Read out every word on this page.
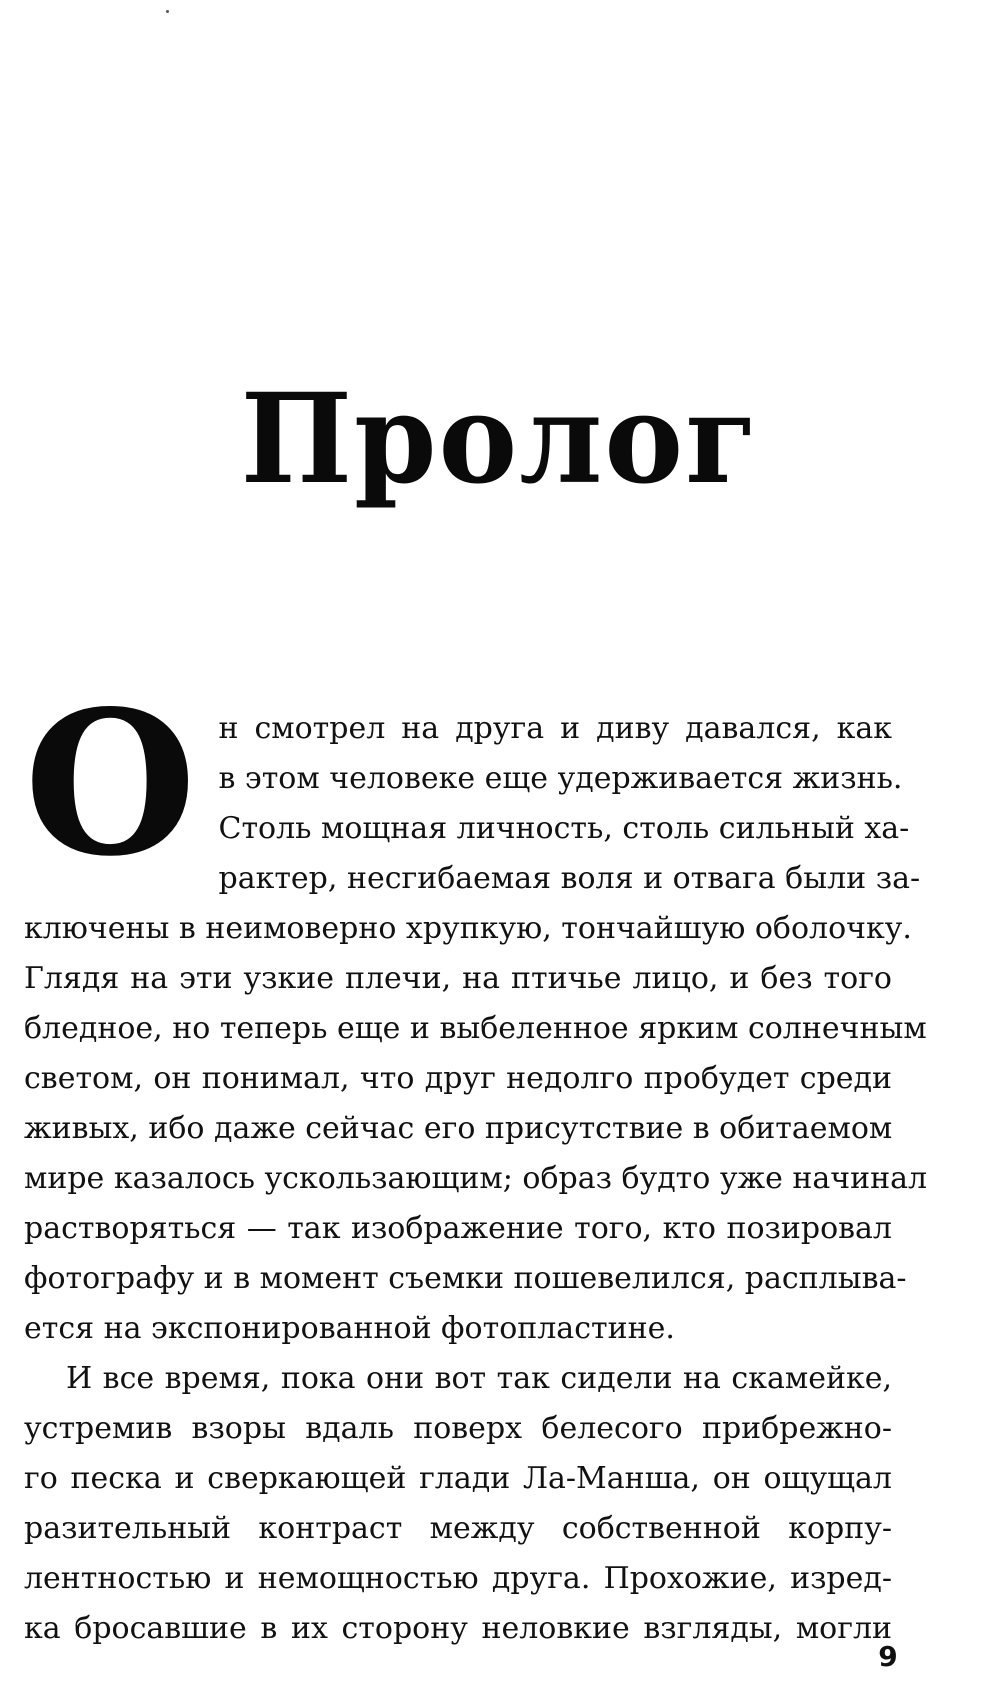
Пролог
О н смотрел на друга и диву давался, как
в этом человеке еще удерживается жизнь.
Столь мощная личность, столь сильный ха-
рактер, несгибаемая воля и отвага были за-
ключены в неимоверно хрупкую, тончайшую оболочку.
Глядя на эти узкие плечи, на птичье лицо, и без того
бледное, но теперь еще и выбеленное ярким солнечным
светом, он понимал, что друг недолго пробудет среди
живых, ибо даже сейчас его присутствие в обитаемом
мире казалось ускользающим; образ будто уже начинал
растворяться — так изображение того, кто позировал
фотографу и в момент съемки пошевелился, расплыва-
ется на экспонированной фотопластине.
И все время, пока они вот так сидели на скамейке,
устремив взоры вдаль поверх белесого прибрежно-
го песка и сверкающей глади Ла-Манша, он ощущал
разительный контраст между собственной корпу-
лентностью и немощностью друга. Прохожие, изред-
ка бросавшие в их сторону неловкие взгляды, могли
9
